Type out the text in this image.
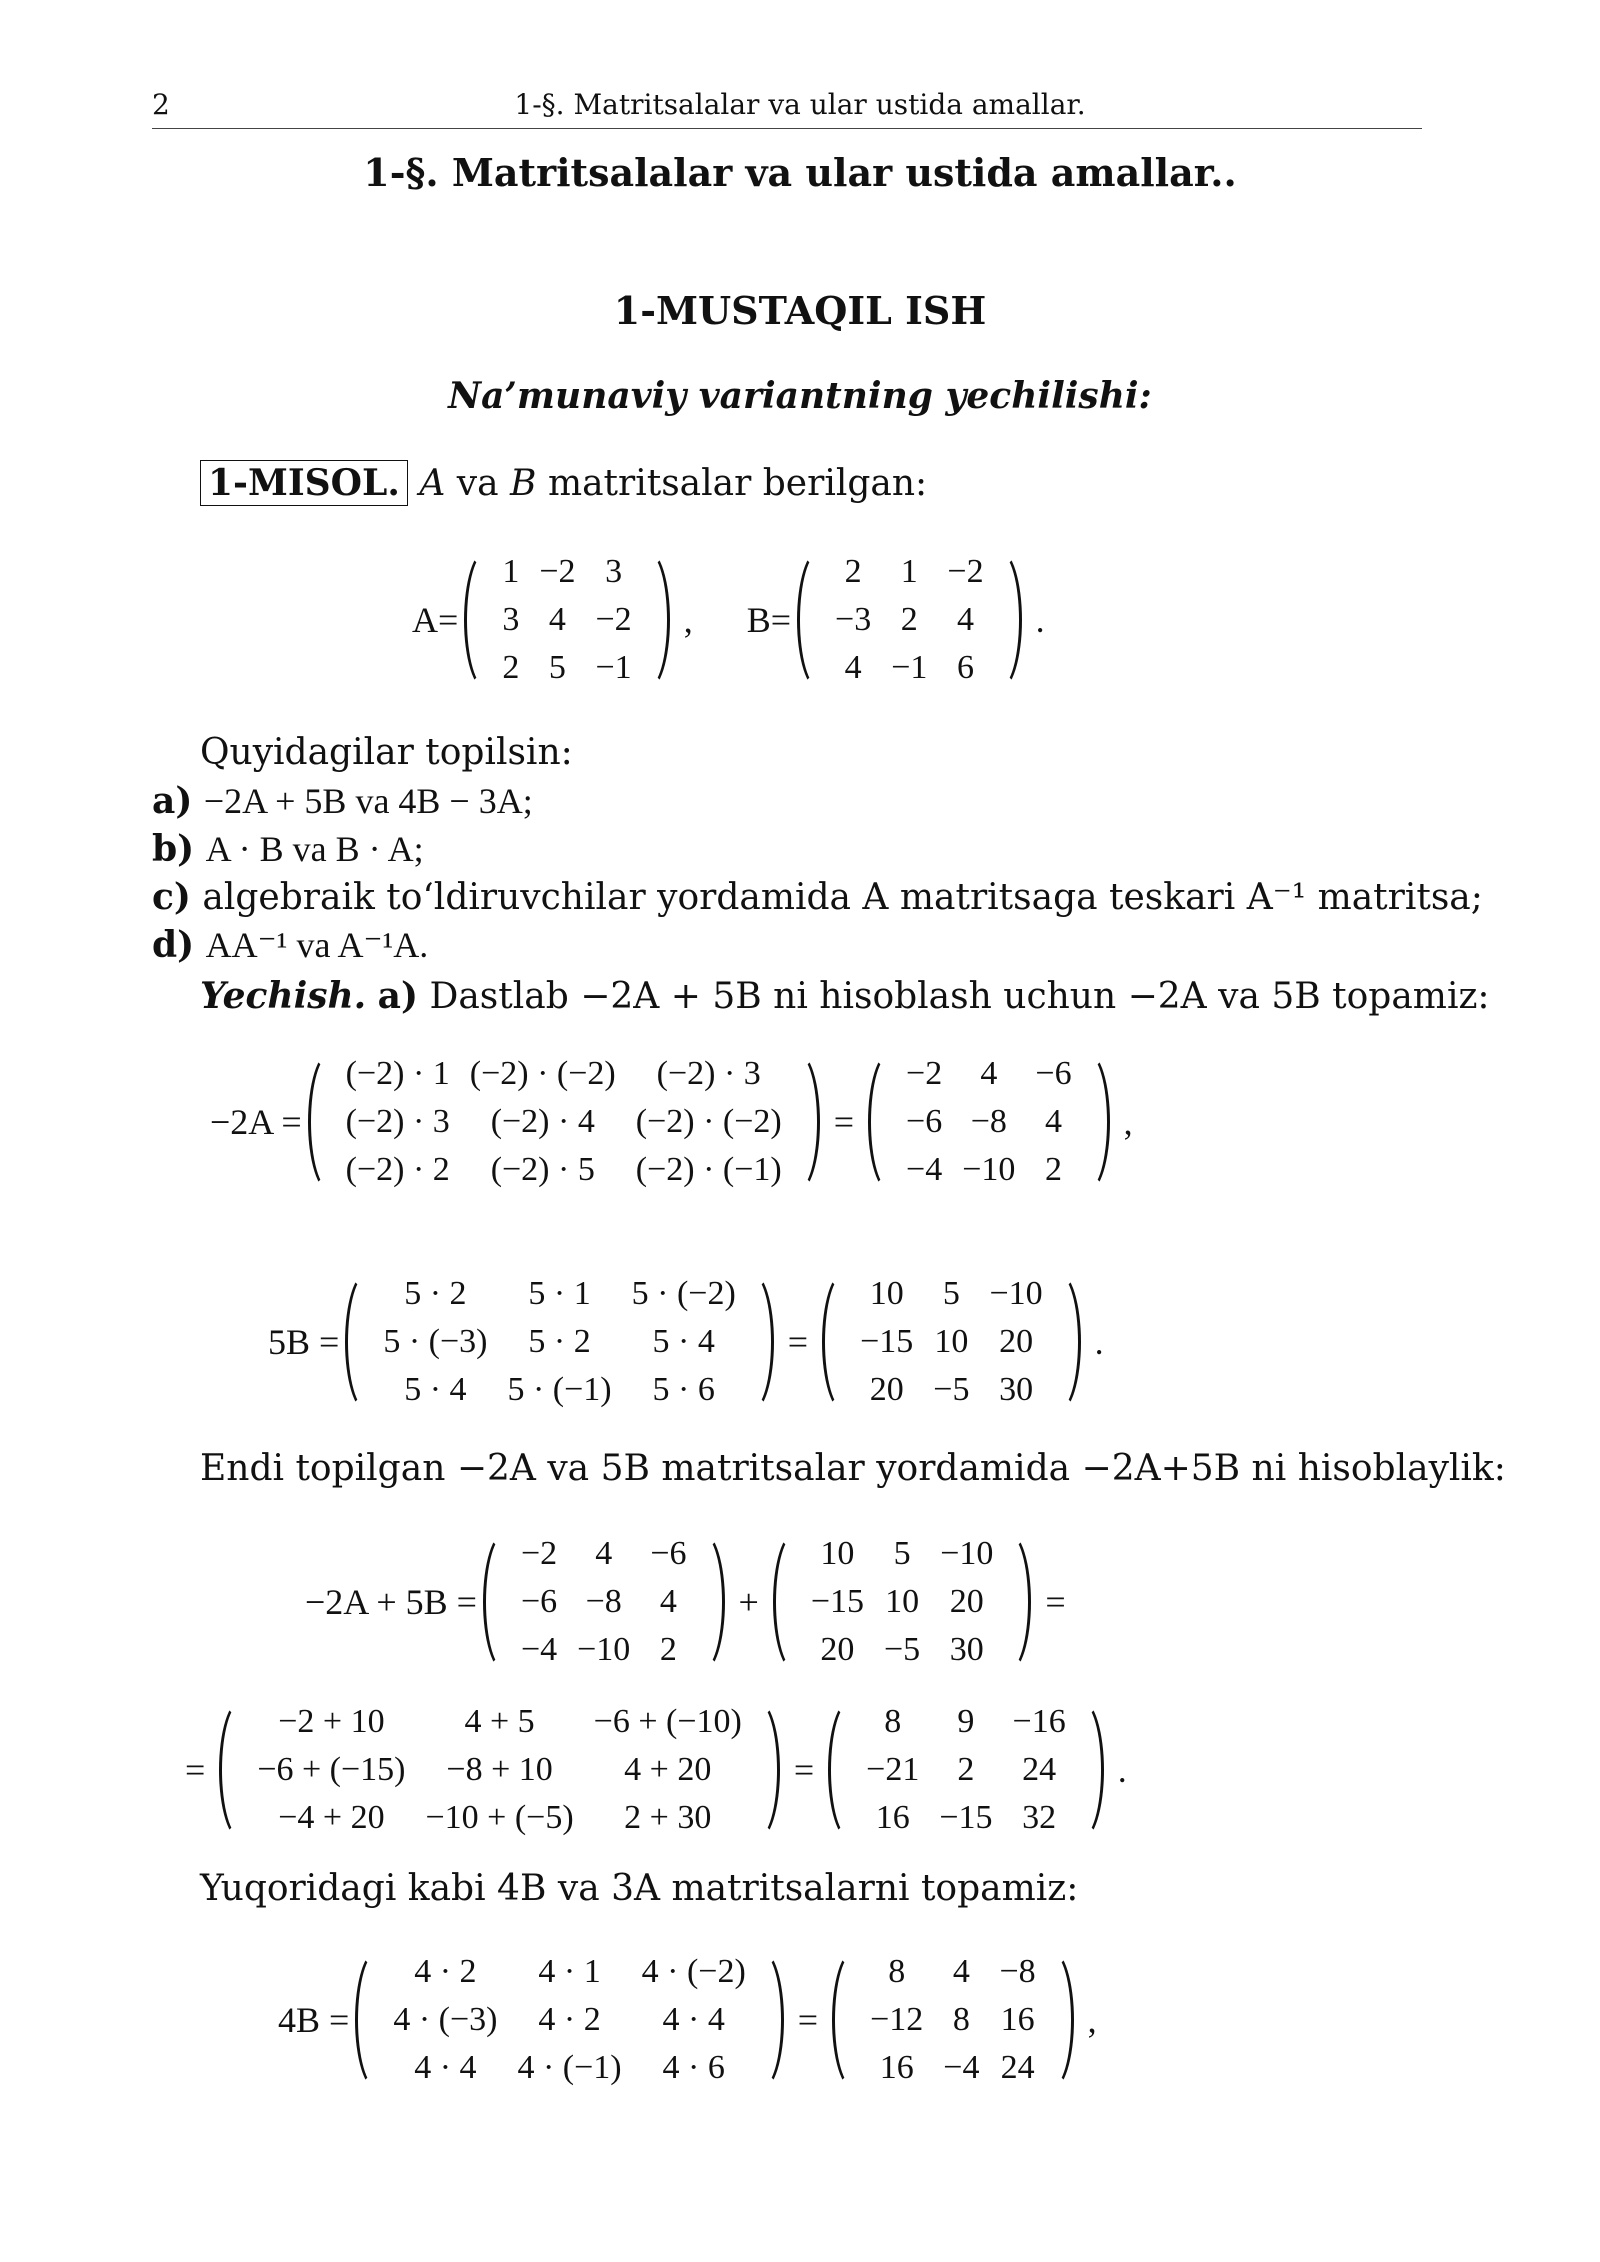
2	1-§. Matritsalalar va ular ustida amallar.
1-§. Matritsalalar va ular ustida amallar..
1-MUSTAQIL ISH
Na’munaviy variantning yechilishi:
1-MISOL. A va B matritsalar berilgan:
A=
1	−2	3
3	4	−2
2	5	−1
,	B=
2	1	−2
−3	2	4
4	−1	6
.
Quyidagilar topilsin:
a) −2A + 5B va 4B − 3A;
b) A · B va B · A;
c) algebraik to‘ldiruvchilar yordamida A matritsaga teskari A⁻¹ matritsa;
d) AA⁻¹ va A⁻¹A.
Yechish. a) Dastlab −2A + 5B ni hisoblash uchun −2A va 5B topamiz:
−2A =
(−2) · 1	(−2) · (−2)	(−2) · 3
(−2) · 3	(−2) · 4	(−2) · (−2)
(−2) · 2	(−2) · 5	(−2) · (−1)
=
−2	4	−6
−6	−8	4
−4	−10	2
,
5B =
5 · 2	5 · 1	5 · (−2)
5 · (−3)	5 · 2	5 · 4
5 · 4	5 · (−1)	5 · 6
=
10	5	−10
−15	10	20
20	−5	30
.
Endi topilgan −2A va 5B matritsalar yordamida −2A+5B ni hisoblaylik:
−2A + 5B =
−2	4	−6
−6	−8	4
−4	−10	2
+
10	5	−10
−15	10	20
20	−5	30
=
=
−2 + 10	4 + 5	−6 + (−10)
−6 + (−15)	−8 + 10	4 + 20
−4 + 20	−10 + (−5)	2 + 30
=
8	9	−16
−21	2	24
16	−15	32
.
Yuqoridagi kabi 4B va 3A matritsalarni topamiz:
4B =
4 · 2	4 · 1	4 · (−2)
4 · (−3)	4 · 2	4 · 4
4 · 4	4 · (−1)	4 · 6
=
8	4	−8
−12	8	16
16	−4	24
,
